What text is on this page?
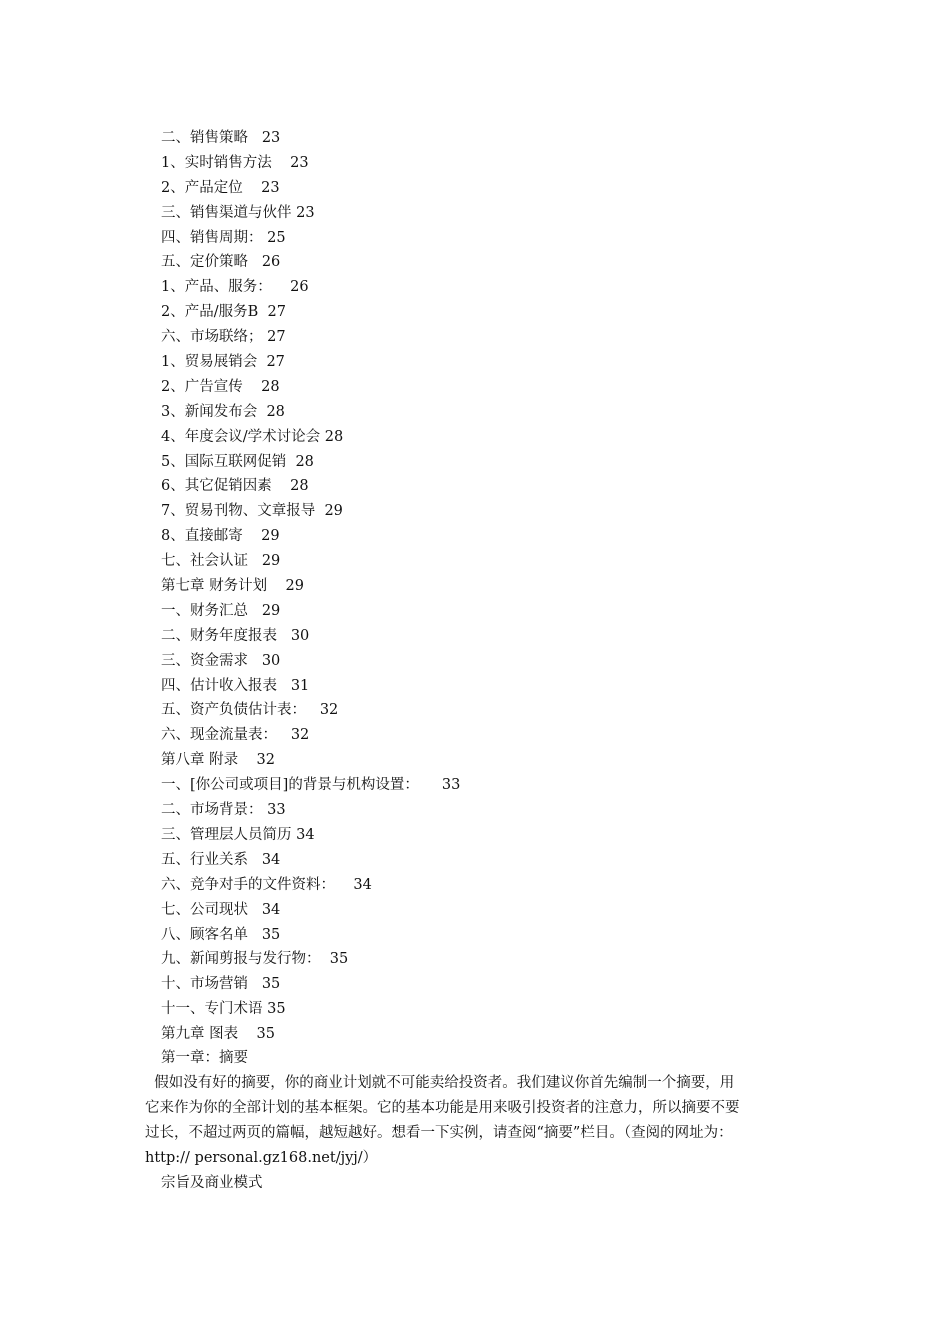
二、销售策略   23
1、实时销售方法    23
2、产品定位    23
三、销售渠道与伙伴 23
四、销售周期： 25
五、定价策略   26
1、产品、服务：    26
2、产品/服务B  27
六、市场联络； 27
1、贸易展销会  27
2、广告宣传    28
3、新闻发布会  28
4、年度会议/学术讨论会 28
5、国际互联网促销  28
6、其它促销因素    28
7、贸易刊物、文章报导  29
8、直接邮寄    29
七、社会认证   29
第七章 财务计划    29
一、财务汇总   29
二、财务年度报表   30
三、资金需求   30
四、估计收入报表   31
五、资产负债估计表：   32
六、现金流量表：   32
第八章 附录    32
一、[你公司或项目]的背景与机构设置：     33
二、市场背景： 33
三、管理层人员简历 34
五、行业关系   34
六、竞争对手的文件资料：    34
七、公司现状   34
八、顾客名单   35
九、新闻剪报与发行物：  35
十、市场营销   35
十一、专门术语 35
第九章 图表    35
第一章：摘要

假如没有好的摘要，你的商业计划就不可能卖给投资者。我们建议你首先编制一个摘要，用
它来作为你的全部计划的基本框架。它的基本功能是用来吸引投资者的注意力，所以摘要不要
过长，不超过两页的篇幅，越短越好。想看一下实例，请查阅“摘要”栏目。（查阅的网址为：
http:// personal.gz168.net/jyj/）

宗旨及商业模式
